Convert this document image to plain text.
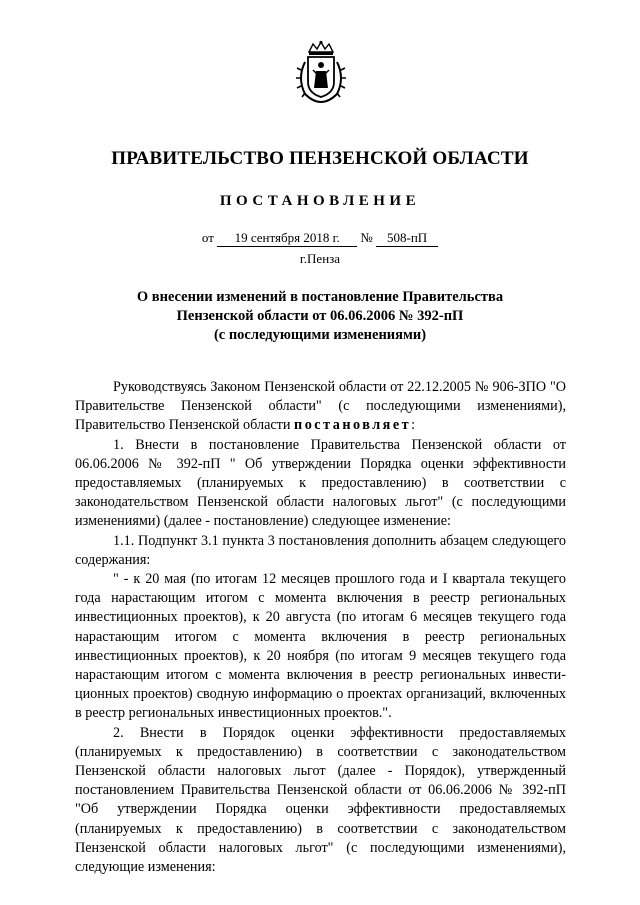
ПРАВИТЕЛЬСТВО ПЕНЗЕНСКОЙ ОБЛАСТИ
ПОСТАНОВЛЕНИЕ
от 19 сентября 2018 г. № 508-пП
г.Пенза
О внесении изменений в постановление Правительства
Пензенской области от 06.06.2006 № 392-пП
(с последующими изменениями)

Руководствуясь Законом Пензенской области от 22.12.2005 № 906-ЗПО "О Правительстве Пензенской области" (с последующими изменениями), Правительство Пензенской области постановляет:

1. Внести в постановление Правительства Пензенской области от 06.06.2006 № 392-пП " Об утверждении Порядка оценки эффективности предоставляемых (планируемых к предоставлению) в соответствии с законодательством Пензенской области налоговых льгот" (с последующими изменениями) (далее - постановление) следующее изменение:

1.1. Подпункт 3.1 пункта 3 постановления дополнить абзацем следующего содержания:

" - к 20 мая (по итогам 12 месяцев прошлого года и I квартала текущего года нарастающим итогом с момента включения в реестр региональных инвестиционных проектов), к 20 августа (по итогам 6 месяцев текущего года нарастающим итогом с момента включения в реестр региональных инвестиционных проектов), к 20 ноября (по итогам 9 месяцев текущего года нарастающим итогом с момента включения в реестр региональных инвести- ционных проектов) сводную информацию о проектах организаций, включенных в реестр региональных инвестиционных проектов.".

2. Внести в Порядок оценки эффективности предоставляемых (планируемых к предоставлению) в соответствии с законодательством Пензенской области налоговых льгот (далее - Порядок), утвержденный постановлением Правительства Пензенской области от 06.06.2006 № 392-пП "Об утверждении Порядка оценки эффективности предоставляемых (планируемых к предоставлению) в соответствии с законодательством Пензенской области налоговых льгот" (с последующими изменениями), следующие изменения:
